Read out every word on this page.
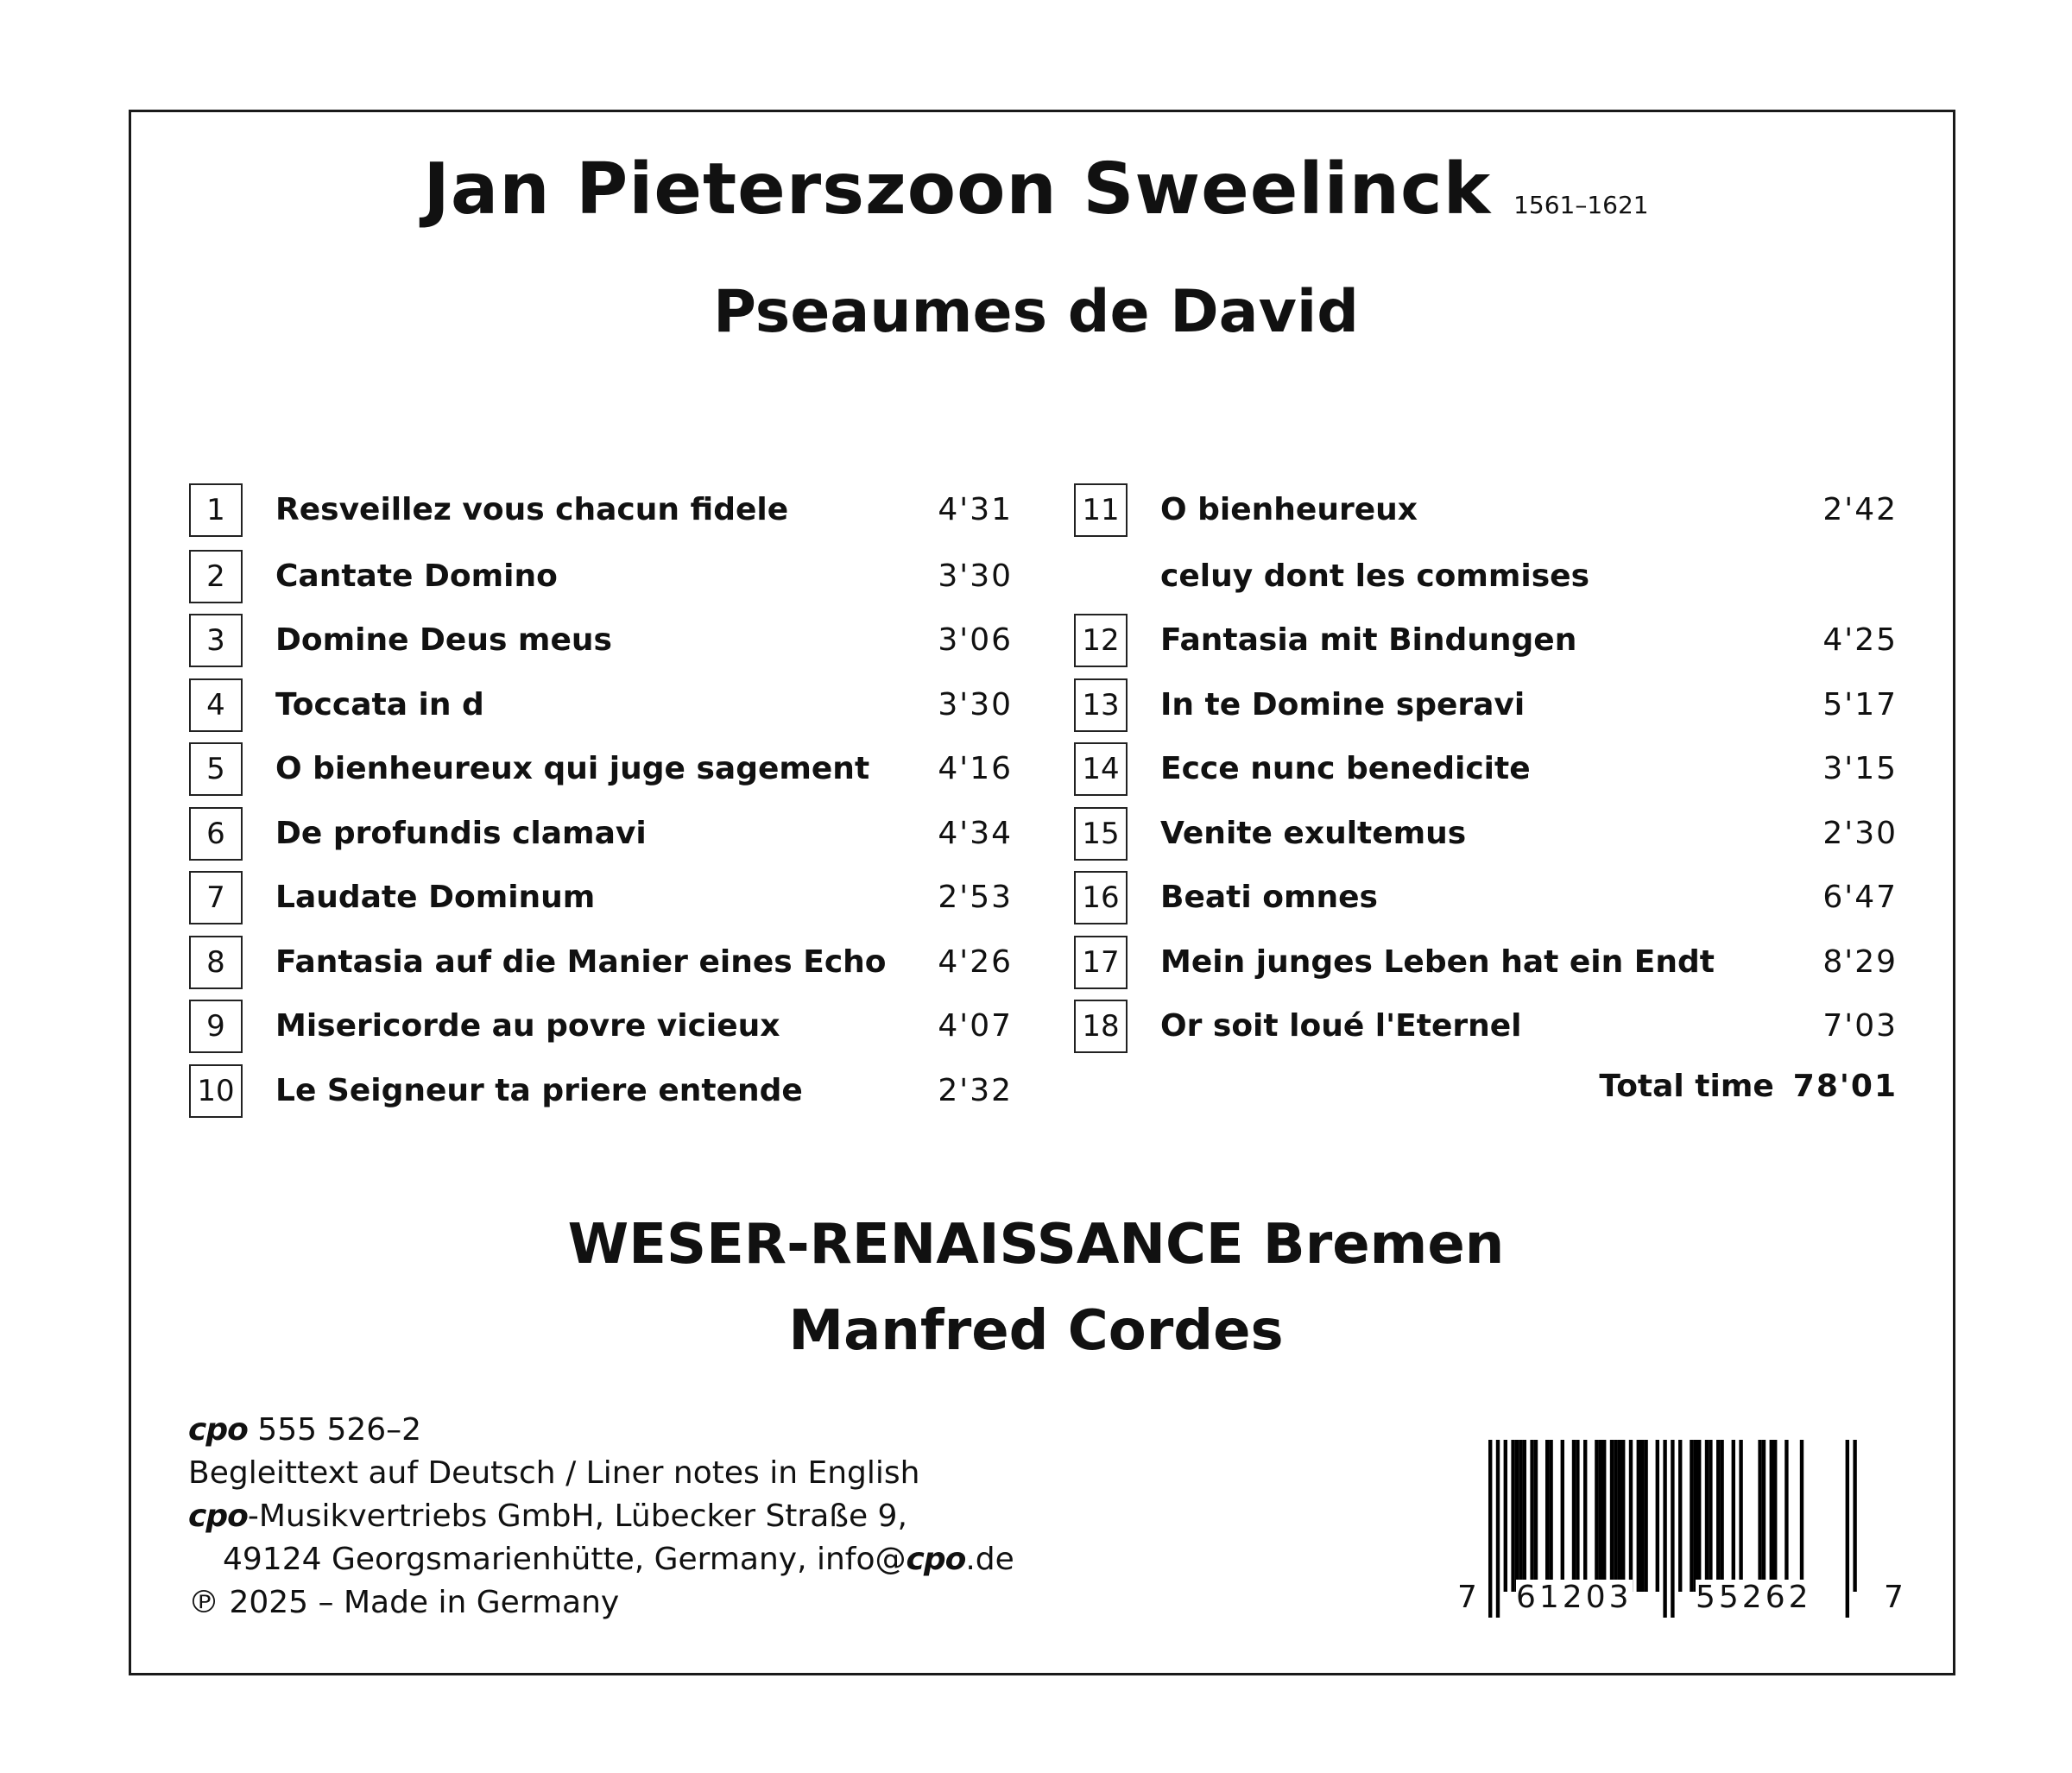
Jan Pieterszoon Sweelinck 1561–1621
Pseaumes de David
1	Resveillez vous chacun fidele	4'31
2	Cantate Domino	3'30
3	Domine Deus meus	3'06
4	Toccata in d	3'30
5	O bienheureux qui juge sagement 4'16
6	De profundis clamavi	4'34
7	Laudate Dominum	2'53
8	Fantasia auf die Manier eines Echo 4'26
9	Misericorde au povre vicieux	4'07
10 Le Seigneur ta priere entende	2'32
11 O bienheureux	2'42
celuy dont les commises
12 Fantasia mit Bindungen	4'25
13 In te Domine speravi	5'17
14 Ecce nunc benedicite	3'15
15 Venite exultemus	2'30
16 Beati omnes	6'47
17 Mein junges Leben hat ein Endt	8'29
18 Or soit loué l'Eternel	7'03
Total time 78'01
WESER-RENAISSANCE Bremen
Manfred Cordes
cpo 555 526–2
Begleittext auf Deutsch / Liner notes in English
cpo-Musikvertriebs GmbH, Lübecker Straße 9,
49124 Georgsmarienhütte, Germany, info@cpo.de
℗ 2025 – Made in Germany	7 61203 55262 7
